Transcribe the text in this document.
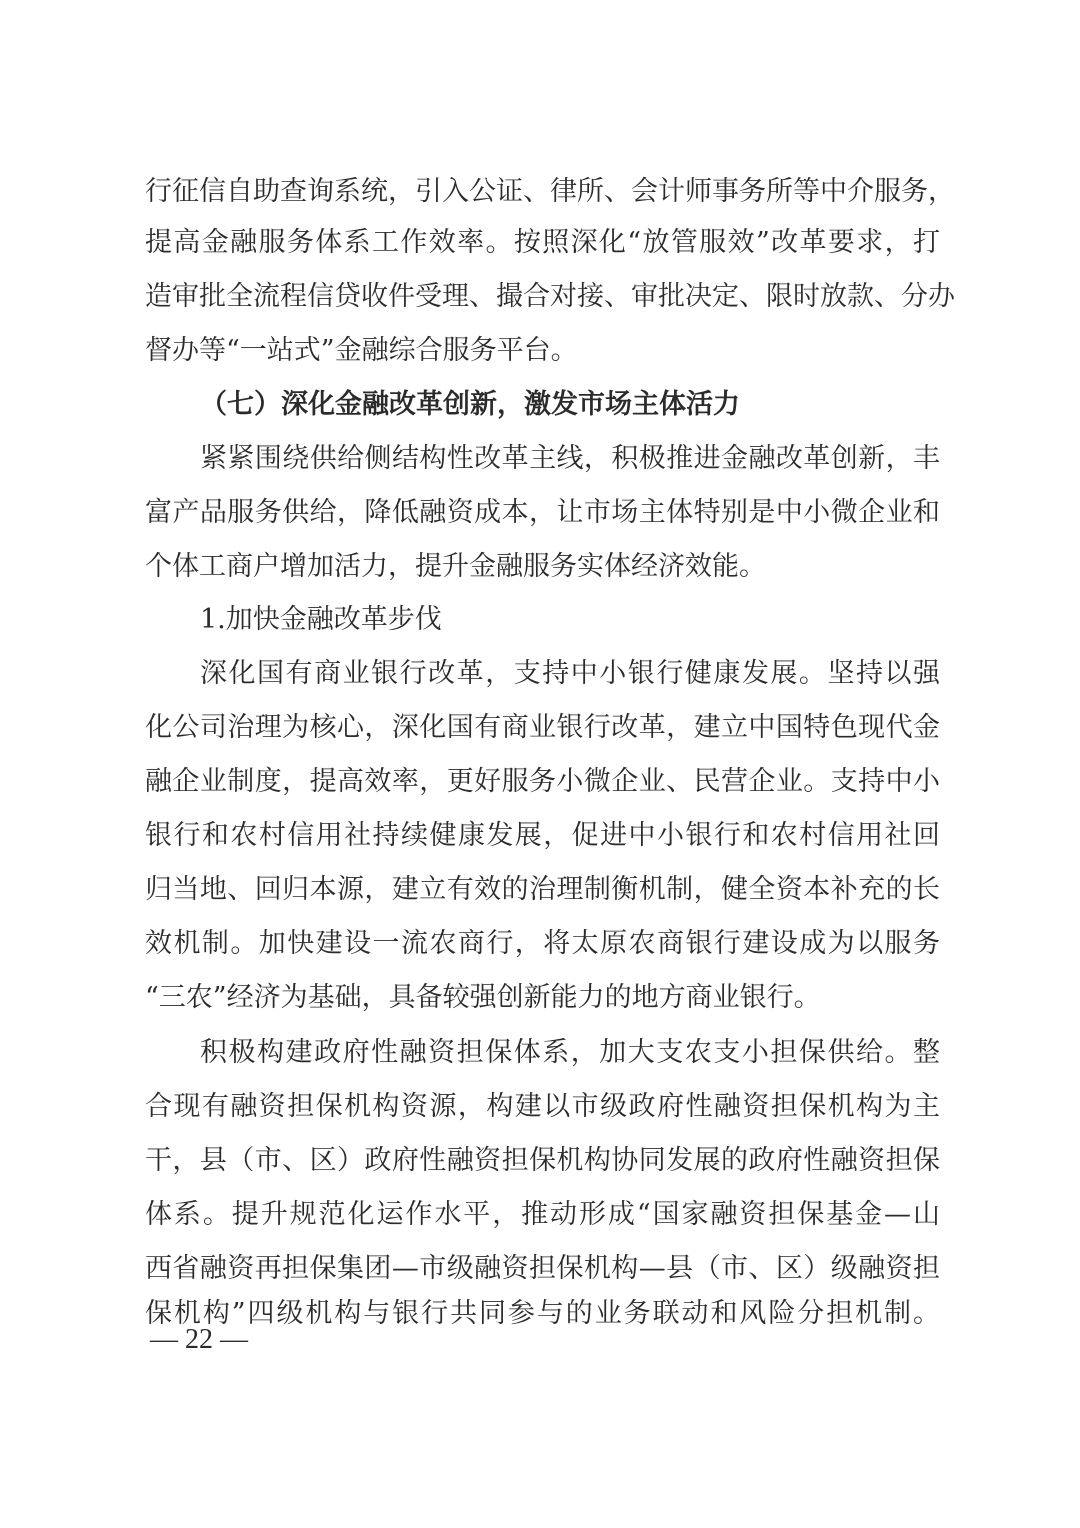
行征信自助查询系统，引入公证、律所、会计师事务所等中介服务，
提高金融服务体系工作效率。按照深化“放管服效”改革要求，打
造审批全流程信贷收件受理、撮合对接、审批决定、限时放款、分办
督办等“一站式”金融综合服务平台。
（七）深化金融改革创新，激发市场主体活力
紧紧围绕供给侧结构性改革主线，积极推进金融改革创新，丰
富产品服务供给，降低融资成本，让市场主体特别是中小微企业和
个体工商户增加活力，提升金融服务实体经济效能。
1.加快金融改革步伐
深化国有商业银行改革，支持中小银行健康发展。坚持以强
化公司治理为核心，深化国有商业银行改革，建立中国特色现代金
融企业制度，提高效率，更好服务小微企业、民营企业。支持中小
银行和农村信用社持续健康发展，促进中小银行和农村信用社回
归当地、回归本源，建立有效的治理制衡机制，健全资本补充的长
效机制。加快建设一流农商行，将太原农商银行建设成为以服务
“三农”经济为基础，具备较强创新能力的地方商业银行。
积极构建政府性融资担保体系，加大支农支小担保供给。整
合现有融资担保机构资源，构建以市级政府性融资担保机构为主
干，县（市、区）政府性融资担保机构协同发展的政府性融资担保
体系。提升规范化运作水平，推动形成“国家融资担保基金—山
西省融资再担保集团—市级融资担保机构—县（市、区）级融资担
保机构”四级机构与银行共同参与的业务联动和风险分担机制。
— 22 —
